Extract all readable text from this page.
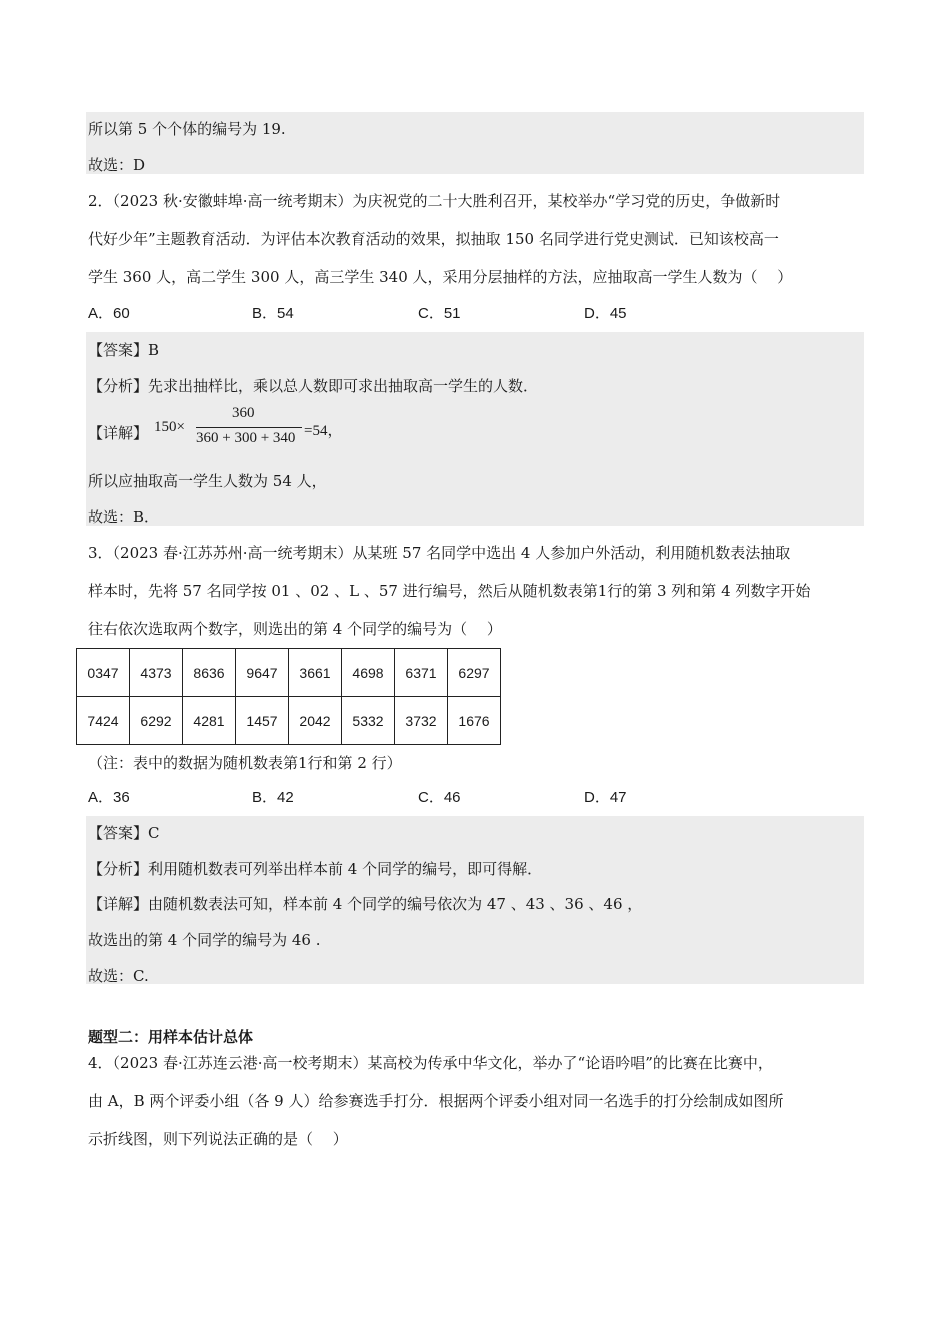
所以第 5 个个体的编号为 19.
故选：D
2．（2023 秋·安徽蚌埠·高一统考期末）为庆祝党的二十大胜利召开，某校举办“学习党的历史，争做新时
代好少年”主题教育活动．为评估本次教育活动的效果，拟抽取 150 名同学进行党史测试．已知该校高一
学生 360 人，高二学生 300 人，高三学生 340 人，采用分层抽样的方法，应抽取高一学生人数为（　 ）
A．60	B．54	C．51	D．45
【答案】B
【分析】先求出抽样比，乘以总人数即可求出抽取高一学生的人数．
【详解】 150×
360
360 + 300 + 340 =54，
所以应抽取高一学生人数为 54 人，
故选：B．
3．（2023 春·江苏苏州·高一统考期末）从某班 57 名同学中选出 4 人参加户外活动，利用随机数表法抽取
样本时，先将 57 名同学按 01 、02 、L 、57 进行编号，然后从随机数表第1行的第 3 列和第 4 列数字开始
往右依次选取两个数字，则选出的第 4 个同学的编号为（　 ）
0347	4373	8636	9647	3661	4698	6371	6297
7424	6292	4281	1457	2042	5332	3732	1676
（注：表中的数据为随机数表第1行和第 2 行）
A．36	B．42	C．46	D．47
【答案】C
【分析】利用随机数表可列举出样本前 4 个同学的编号，即可得解．
【详解】由随机数表法可知，样本前 4 个同学的编号依次为 47 、43 、36 、46 ，
故选出的第 4 个同学的编号为 46 .
故选：C.
题型二：用样本估计总体
4．（2023 春·江苏连云港·高一校考期末）某高校为传承中华文化，举办了“论语吟唱”的比赛在比赛中，
由 A，B 两个评委小组（各 9 人）给参赛选手打分．根据两个评委小组对同一名选手的打分绘制成如图所
示折线图，则下列说法正确的是（　 ）
